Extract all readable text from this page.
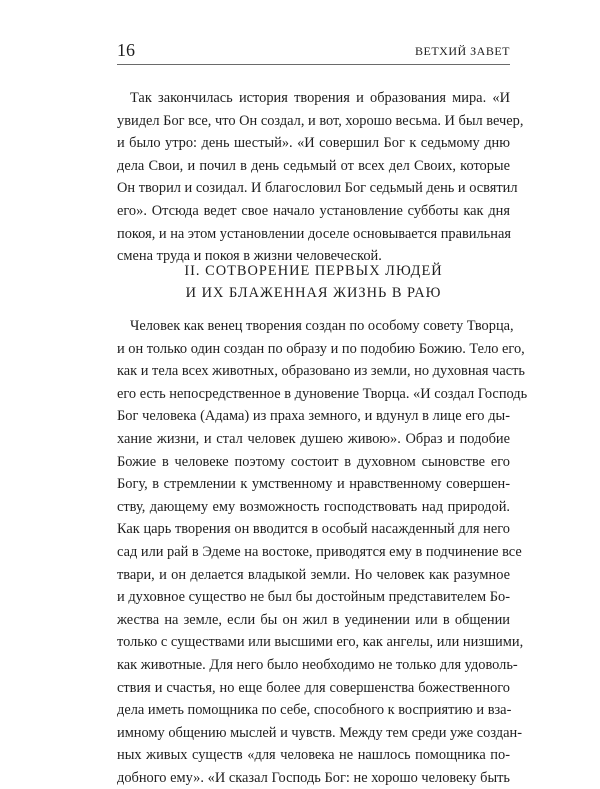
16	ВЕТХИЙ ЗАВЕТ
Так закончилась история творения и образования мира. «И
увидел Бог все, что Он создал, и вот, хорошо весьма. И был вечер,
и было утро: день шестый». «И совершил Бог к седьмому дню
дела Свои, и почил в день седьмый от всех дел Своих, которые
Он творил и созидал. И благословил Бог седьмый день и освятил
его». Отсюда ведет свое начало установление субботы как дня
покоя, и на этом установлении доселе основывается правильная
смена труда и покоя в жизни человеческой.
II. СОТВОРЕНИЕ ПЕРВЫХ ЛЮДЕЙ
И ИХ БЛАЖЕННАЯ ЖИЗНЬ В РАЮ
Человек как венец творения создан по особому совету Творца,
и он только один создан по образу и по подобию Божию. Тело его,
как и тела всех животных, образовано из земли, но духовная часть
его есть непосредственное в дуновение Творца. «И создал Господь
Бог человека (Адама) из праха земного, и вдунул в лице его ды-
хание жизни, и стал человек душею живою». Образ и подобие
Божие в человеке поэтому состоит в духовном сыновстве его
Богу, в стремлении к умственному и нравственному совершен-
ству, дающему ему возможность господствовать над природой.
Как царь творения он вводится в особый насажденный для него
сад или рай в Эдеме на востоке, приводятся ему в подчинение все
твари, и он делается владыкой земли. Но человек как разумное
и духовное существо не был бы достойным представителем Бо-
жества на земле, если бы он жил в уединении или в общении
только с существами или высшими его, как ангелы, или низшими,
как животные. Для него было необходимо не только для удоволь-
ствия и счастья, но еще более для совершенства божественного
дела иметь помощника по себе, способного к восприятию и вза-
имному общению мыслей и чувств. Между тем среди уже создан-
ных живых существ «для человека не нашлось помощника по-
добного ему». «И сказал Господь Бог: не хорошо человеку быть
